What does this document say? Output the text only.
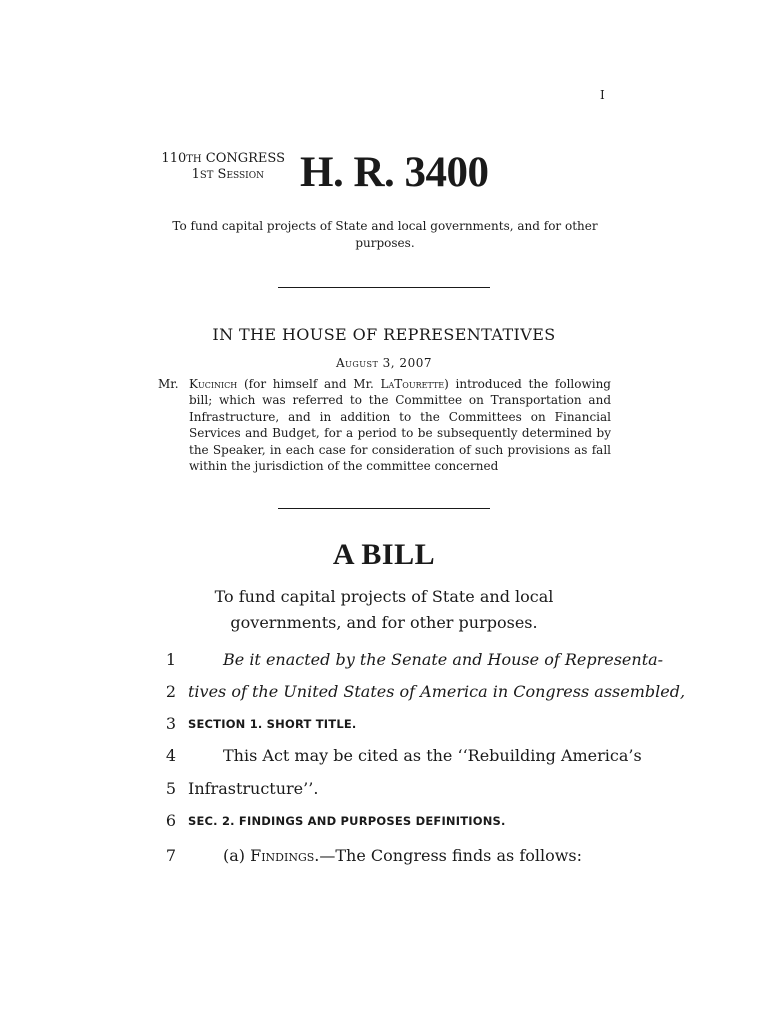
I
110TH CONGRESS
1ST Session H. R. 3400
To fund capital projects of State and local governments, and for other purposes.
IN THE HOUSE OF REPRESENTATIVES
August 3, 2007
Mr. Kucinich (for himself and Mr. LaTourette) introduced the following bill; which was referred to the Committee on Transportation and Infrastructure, and in addition to the Committees on Financial Services and Budget, for a period to be subsequently determined by the Speaker, in each case for consideration of such provisions as fall within the jurisdiction of the committee concerned
A BILL
To fund capital projects of State and local governments, and for other purposes.
1	Be it enacted by the Senate and House of Representa-
2 tives of the United States of America in Congress assembled,
3 SECTION 1. SHORT TITLE.
4	This Act may be cited as the ‘‘Rebuilding America’s
5 Infrastructure’’.
6 SEC. 2. FINDINGS AND PURPOSES DEFINITIONS.
7	(a) Findings.—The Congress finds as follows:
